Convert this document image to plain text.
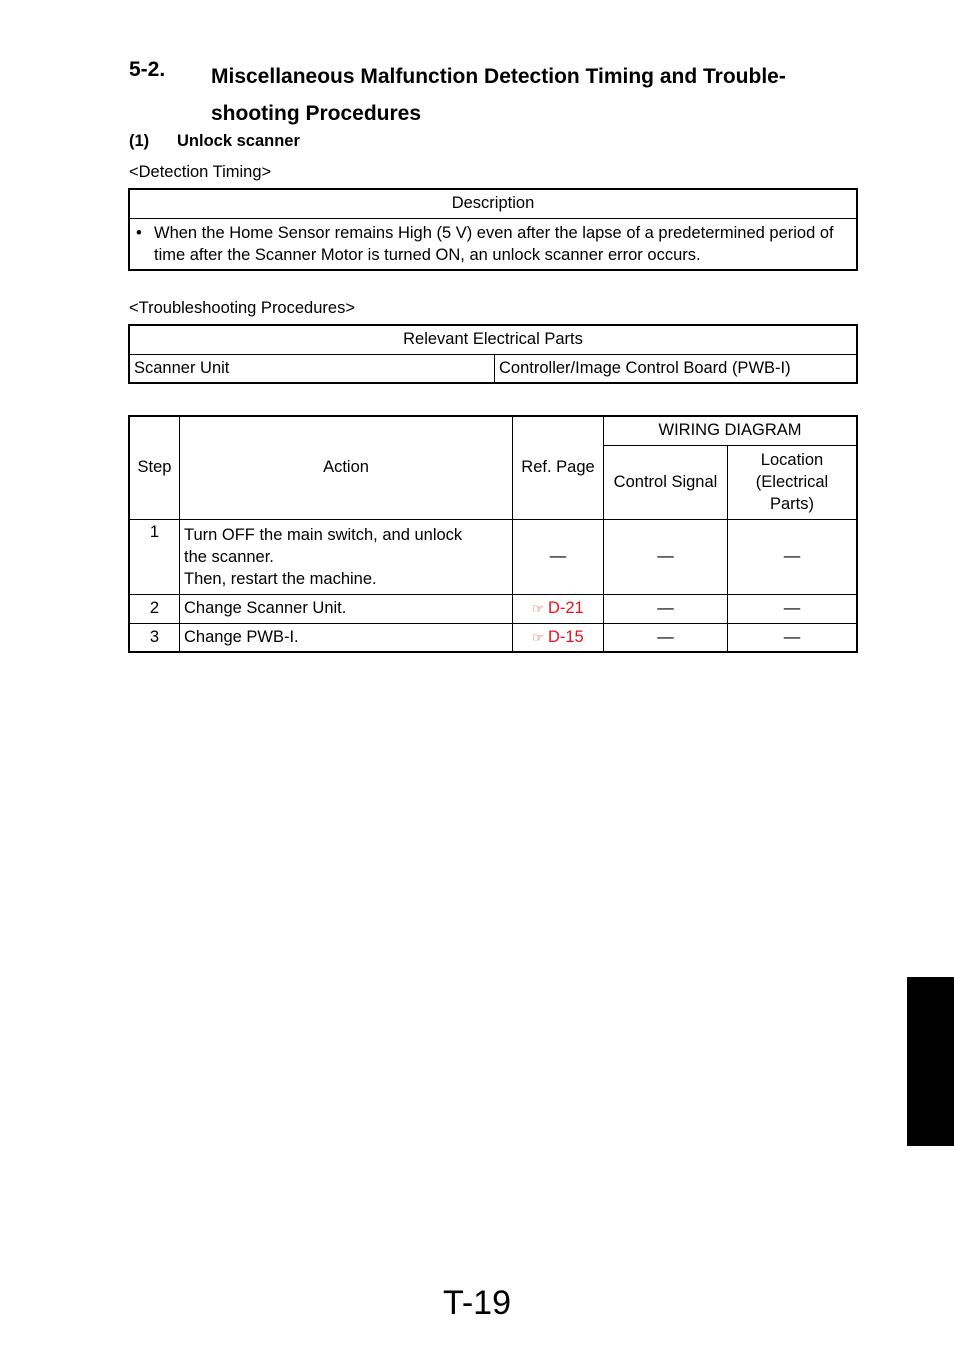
5-2. Miscellaneous Malfunction Detection Timing and Trouble-shooting Procedures
(1) Unlock scanner
<Detection Timing>
Description

• When the Home Sensor remains High (5 V) even after the lapse of a predetermined period of time after the Scanner Motor is turned ON, an unlock scanner error occurs.
<Troubleshooting Procedures>
Relevant Electrical Parts
Scanner Unit	Controller/Image Control Board (PWB-I)
Step	Action	Ref. Page	WIRING DIAGRAM	
			Control Signal	Location
(Electrical
Parts)

1	Turn OFF the main switch, and unlock
the scanner.
Then, restart the machine.	—	—	—
2	Change Scanner Unit.	☞ D-21	—	—
3	Change PWB-I.	☞ D-15	—	—
T-19
